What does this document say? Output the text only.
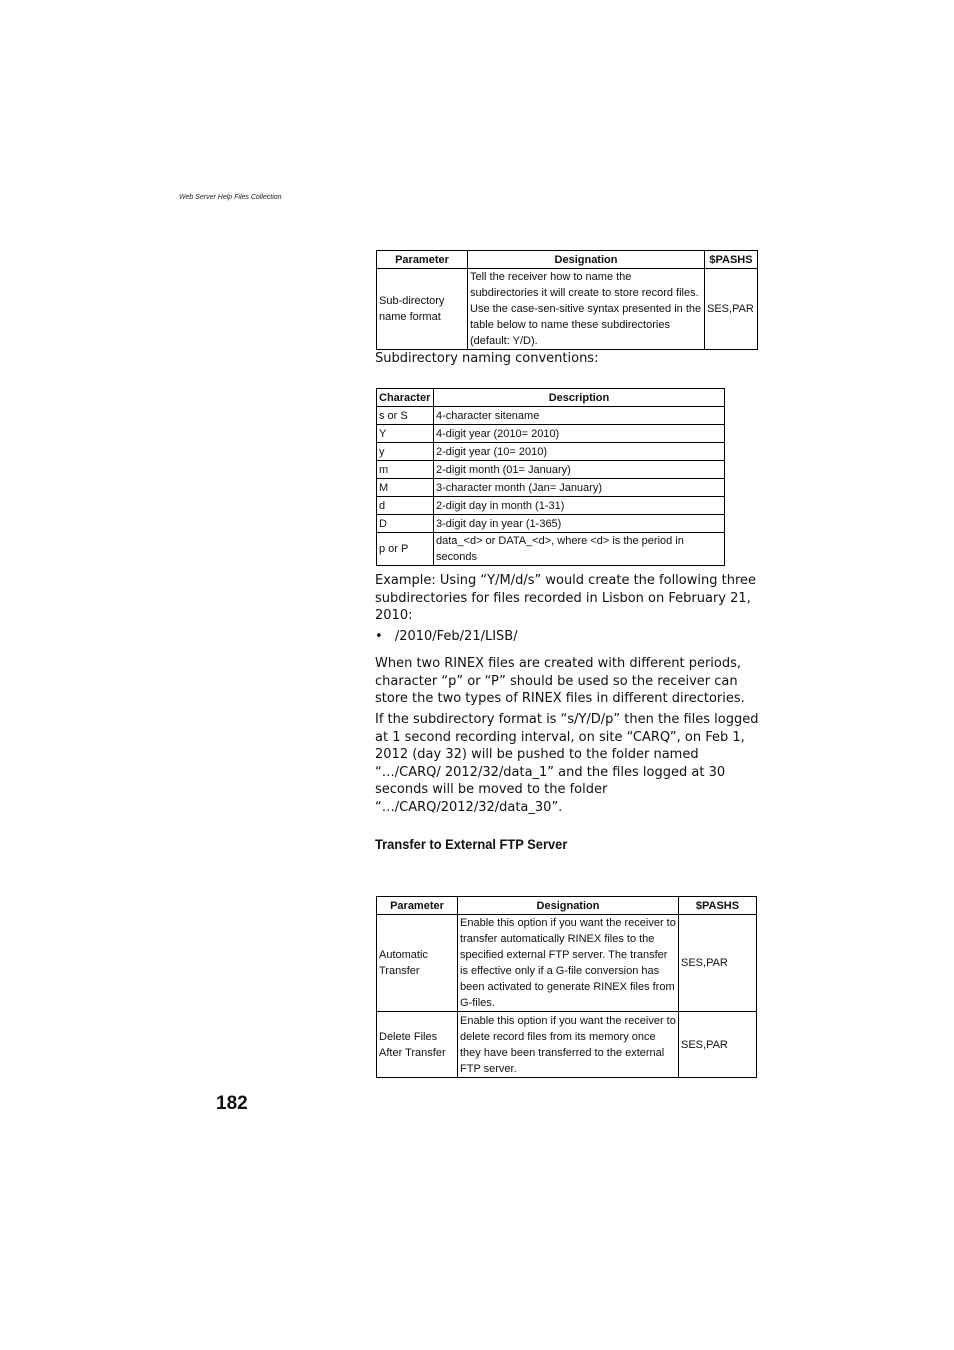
Web Server Help Files Collection
Parameter	Designation	$PASHS
Sub-directory name format	Tell the receiver how to name the subdirectories it will create to store record files. Use the case-sen-sitive syntax presented in the table below to name these subdirectories (default: Y/D).	SES,PAR

Subdirectory naming conventions:

Character	Description
s or S	4-character sitename
Y	4-digit year (2010= 2010)
y	2-digit year (10= 2010)
m	2-digit month (01= January)
M	3-character month (Jan= January)
d	2-digit day in month (1-31)
D	3-digit day in year (1-365)
p or P	data_<d> or DATA_<d>, where <d> is the period in seconds

Example: Using “Y/M/d/s” would create the following three subdirectories for files recorded in Lisbon on February 21, 2010:

• /2010/Feb/21/LISB/

When two RINEX files are created with different periods, character “p” or “P” should be used so the receiver can store the two types of RINEX files in different directories.

If the subdirectory format is “s/Y/D/p” then the files logged at 1 second recording interval, on site “CARQ”, on Feb 1, 2012 (day 32) will be pushed to the folder named “…/CARQ/ 2012/32/data_1” and the files logged at 30 seconds will be moved to the folder “…/CARQ/2012/32/data_30”.

Transfer to External FTP Server
Parameter	Designation	$PASHS
Automatic Transfer	Enable this option if you want the receiver to transfer automatically RINEX files to the specified external FTP server. The transfer is effective only if a G-file conversion has been activated to generate RINEX files from G-files.	SES,PAR
Delete Files After Transfer	Enable this option if you want the receiver to delete record files from its memory once they have been transferred to the external FTP server.	SES,PAR
182
